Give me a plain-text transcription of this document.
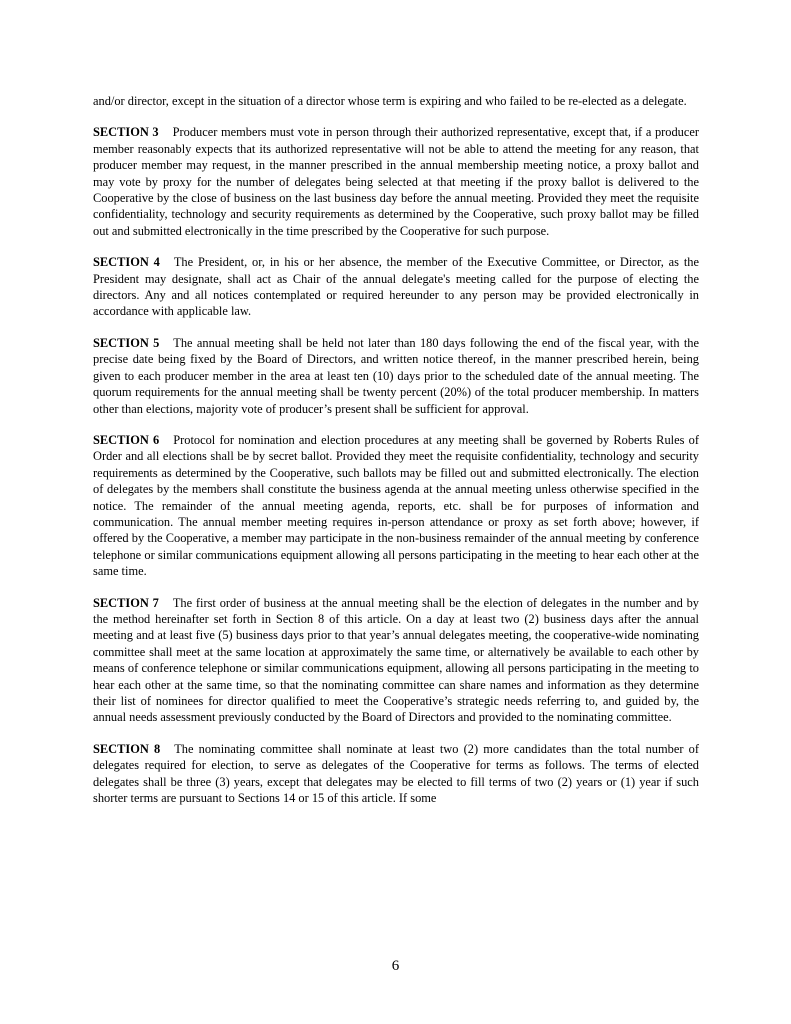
and/or director, except in the situation of a director whose term is expiring and who failed to be re-elected as a delegate.

SECTION 3 Producer members must vote in person through their authorized representative, except that, if a producer member reasonably expects that its authorized representative will not be able to attend the meeting for any reason, that producer member may request, in the manner prescribed in the annual membership meeting notice, a proxy ballot and may vote by proxy for the number of delegates being selected at that meeting if the proxy ballot is delivered to the Cooperative by the close of business on the last business day before the annual meeting. Provided they meet the requisite confidentiality, technology and security requirements as determined by the Cooperative, such proxy ballot may be filled out and submitted electronically in the time prescribed by the Cooperative for such purpose.

SECTION 4 The President, or, in his or her absence, the member of the Executive Committee, or Director, as the President may designate, shall act as Chair of the annual delegate's meeting called for the purpose of electing the directors. Any and all notices contemplated or required hereunder to any person may be provided electronically in accordance with applicable law.

SECTION 5 The annual meeting shall be held not later than 180 days following the end of the fiscal year, with the precise date being fixed by the Board of Directors, and written notice thereof, in the manner prescribed herein, being given to each producer member in the area at least ten (10) days prior to the scheduled date of the annual meeting. The quorum requirements for the annual meeting shall be twenty percent (20%) of the total producer membership. In matters other than elections, majority vote of producer’s present shall be sufficient for approval.

SECTION 6 Protocol for nomination and election procedures at any meeting shall be governed by Roberts Rules of Order and all elections shall be by secret ballot. Provided they meet the requisite confidentiality, technology and security requirements as determined by the Cooperative, such ballots may be filled out and submitted electronically. The election of delegates by the members shall constitute the business agenda at the annual meeting unless otherwise specified in the notice. The remainder of the annual meeting agenda, reports, etc. shall be for purposes of information and communication. The annual member meeting requires in-person attendance or proxy as set forth above; however, if offered by the Cooperative, a member may participate in the non-business remainder of the annual meeting by conference telephone or similar communications equipment allowing all persons participating in the meeting to hear each other at the same time.

SECTION 7 The first order of business at the annual meeting shall be the election of delegates in the number and by the method hereinafter set forth in Section 8 of this article. On a day at least two (2) business days after the annual meeting and at least five (5) business days prior to that year’s annual delegates meeting, the cooperative-wide nominating committee shall meet at the same location at approximately the same time, or alternatively be available to each other by means of conference telephone or similar communications equipment, allowing all persons participating in the meeting to hear each other at the same time, so that the nominating committee can share names and information as they determine their list of nominees for director qualified to meet the Cooperative’s strategic needs referring to, and guided by, the annual needs assessment previously conducted by the Board of Directors and provided to the nominating committee.

SECTION 8 The nominating committee shall nominate at least two (2) more candidates than the total number of delegates required for election, to serve as delegates of the Cooperative for terms as follows. The terms of elected delegates shall be three (3) years, except that delegates may be elected to fill terms of two (2) years or (1) year if such shorter terms are pursuant to Sections 14 or 15 of this article. If some

6
